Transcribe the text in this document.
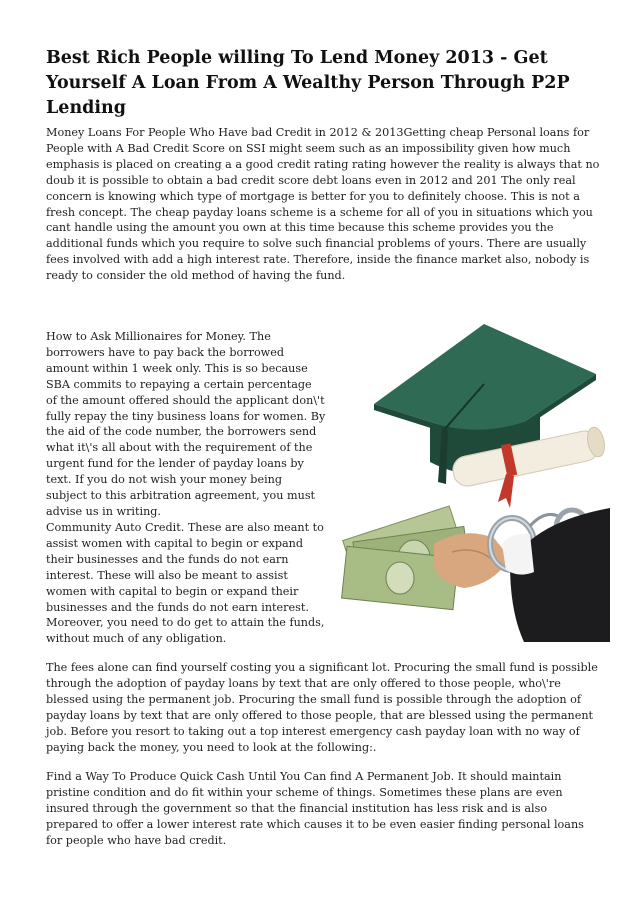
Best Rich People willing To Lend Money 2013 - Get Yourself A Loan From A Wealthy Person Through P2P Lending

Money Loans For People Who Have bad Credit in 2012 & 2013Getting cheap Personal loans for People with A Bad Credit Score on SSI might seem such as an impossibility given how much emphasis is placed on creating a a good credit rating rating however the reality is always that no doub it is possible to obtain a bad credit score debt loans even in 2012 and 201 The only real concern is knowing which type of mortgage is better for you to definitely choose. This is not a fresh concept. The cheap payday loans scheme is a scheme for all of you in situations which you cant handle using the amount you own at this time because this scheme provides you the additional funds which you require to solve such financial problems of yours. There are usually fees involved with add a high interest rate. Therefore, inside the finance market also, nobody is ready to consider the old method of having the fund.

How to Ask Millionaires for Money. The borrowers have to pay back the borrowed amount within 1 week only. This is so because SBA commits to repaying a certain percentage of the amount offered should the applicant don\'t fully repay the tiny business loans for women. By the aid of the code number, the borrowers send what it\'s all about with the requirement of the urgent fund for the lender of payday loans by text. If you do not wish your money being subject to this arbitration agreement, you must advise us in writing.

Community Auto Credit. These are also meant to assist women with capital to begin or expand their businesses and the funds do not earn interest. These will also be meant to assist women with capital to begin or expand their businesses and the funds do not earn interest. Moreover, you need to do get to attain the funds, without much of any obligation.

The fees alone can find yourself costing you a significant lot. Procuring the small fund is possible through the adoption of payday loans by text that are only offered to those people, who\'re blessed using the permanent job. Procuring the small fund is possible through the adoption of payday loans by text that are only offered to those people, that are blessed using the permanent job. Before you resort to taking out a top interest emergency cash payday loan with no way of paying back the money, you need to look at the following:.

Find a Way To Produce Quick Cash Until You Can find A Permanent Job. It should maintain pristine condition and do fit within your scheme of things. Sometimes these plans are even insured through the government so that the financial institution has less risk and is also prepared to offer a lower interest rate which causes it to be even easier finding personal loans for people who have bad credit.
